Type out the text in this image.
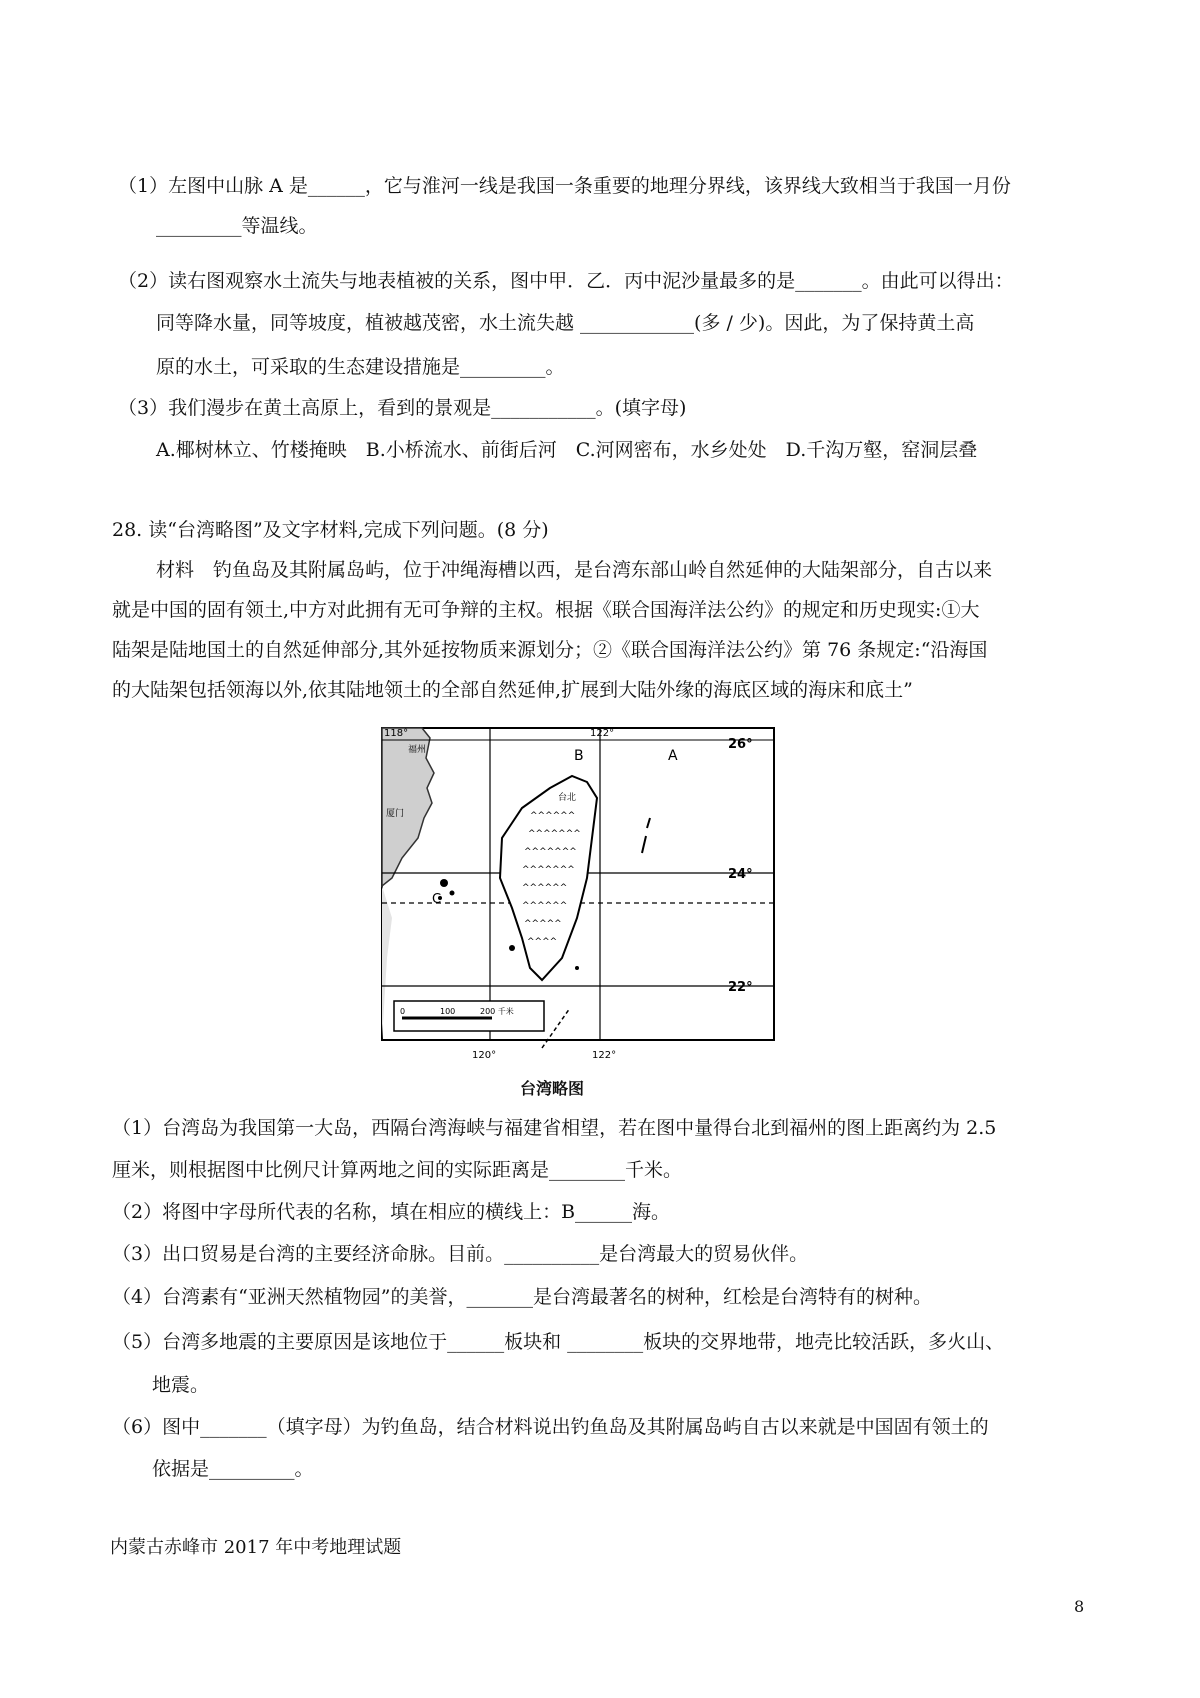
（1）左图中山脉 A 是______，它与淮河一线是我国一条重要的地理分界线，该界线大致相当于我国一月份
_________等温线。
（2）读右图观察水土流失与地表植被的关系，图中甲．乙．丙中泥沙量最多的是_______。由此可以得出：
同等降水量，同等坡度，植被越茂密，水土流失越 ____________(多 / 少)。因此，为了保持黄土高
原的水土，可采取的生态建设措施是_________。
（3）我们漫步在黄土高原上，看到的景观是___________。(填字母)
A.椰树林立、竹楼掩映　B.小桥流水、前街后河　C.河网密布，水乡处处　D.千沟万壑，窑洞层叠
28. 读“台湾略图”及文字材料,完成下列问题。(8 分)
材料　钓鱼岛及其附属岛屿，位于冲绳海槽以西，是台湾东部山岭自然延伸的大陆架部分，自古以来
就是中国的固有领土,中方对此拥有无可争辩的主权。根据《联合国海洋法公约》的规定和历史现实:①大
陆架是陆地国土的自然延伸部分,其外延按物质来源划分；②《联合国海洋法公约》第 76 条规定:“沿海国
的大陆架包括领海以外,依其陆地领土的全部自然延伸,扩展到大陆外缘的海底区域的海床和底土”
^^^^^^
^^^^^^^
^^^^^^^
^^^^^^^
^^^^^^
^^^^^^
^^^^^
^^^^
118°	122°
120°	122°
26°
24°
22°
B	A
C
福州
厦门
台北
0	100	200 千米
台湾略图
（1）台湾岛为我国第一大岛，西隔台湾海峡与福建省相望，若在图中量得台北到福州的图上距离约为 2.5
厘米，则根据图中比例尺计算两地之间的实际距离是________千米。
（2）将图中字母所代表的名称，填在相应的横线上：B______海。
（3）出口贸易是台湾的主要经济命脉。目前。__________是台湾最大的贸易伙伴。
（4）台湾素有“亚洲天然植物园”的美誉，_______是台湾最著名的树种，红桧是台湾特有的树种。
（5）台湾多地震的主要原因是该地位于______板块和 ________板块的交界地带，地壳比较活跃，多火山、
地震。
（6）图中_______（填字母）为钓鱼岛，结合材料说出钓鱼岛及其附属岛屿自古以来就是中国固有领土的
依据是_________。
内蒙古赤峰市 2017 年中考地理试题
8
